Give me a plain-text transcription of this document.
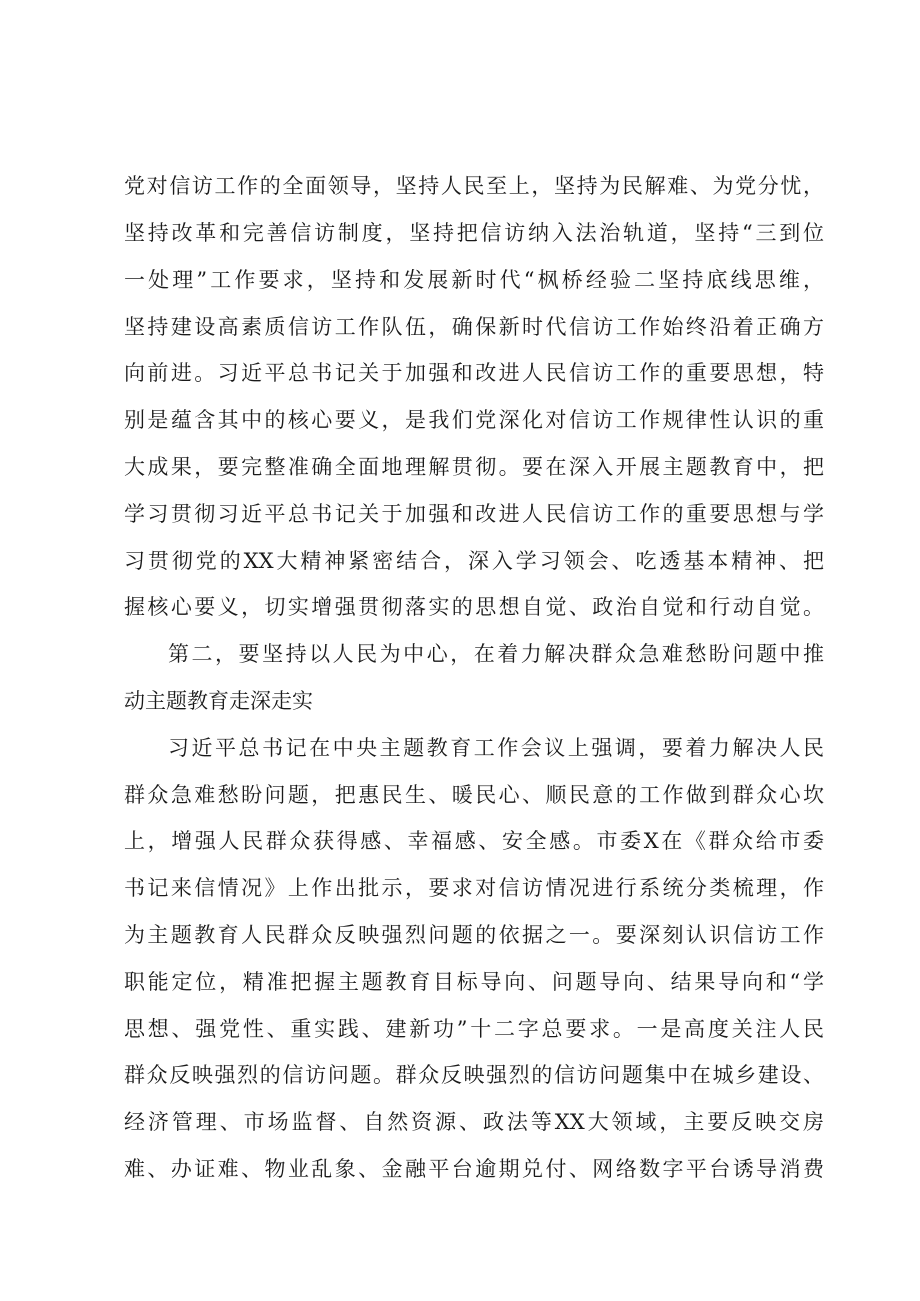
党对信访工作的全面领导，坚持人民至上，坚持为民解难、为党分忧，
坚持改革和完善信访制度，坚持把信访纳入法治轨道，坚持“三到位
一处理”工作要求，坚持和发展新时代“枫桥经验二坚持底线思维，
坚持建设高素质信访工作队伍，确保新时代信访工作始终沿着正确方
向前进。习近平总书记关于加强和改进人民信访工作的重要思想，特
别是蕴含其中的核心要义，是我们党深化对信访工作规律性认识的重
大成果，要完整准确全面地理解贯彻。要在深入开展主题教育中，把
学习贯彻习近平总书记关于加强和改进人民信访工作的重要思想与学
习贯彻党的XX大精神紧密结合，深入学习领会、吃透基本精神、把
握核心要义，切实增强贯彻落实的思想自觉、政治自觉和行动自觉。
第二，要坚持以人民为中心，在着力解决群众急难愁盼问题中推
动主题教育走深走实
习近平总书记在中央主题教育工作会议上强调，要着力解决人民
群众急难愁盼问题，把惠民生、暖民心、顺民意的工作做到群众心坎
上，增强人民群众获得感、幸福感、安全感。市委X在《群众给市委
书记来信情况》上作出批示，要求对信访情况进行系统分类梳理，作
为主题教育人民群众反映强烈问题的依据之一。要深刻认识信访工作
职能定位，精准把握主题教育目标导向、问题导向、结果导向和“学
思想、强党性、重实践、建新功”十二字总要求。一是高度关注人民
群众反映强烈的信访问题。群众反映强烈的信访问题集中在城乡建设、
经济管理、市场监督、自然资源、政法等XX大领域，主要反映交房
难、办证难、物业乱象、金融平台逾期兑付、网络数字平台诱导消费
